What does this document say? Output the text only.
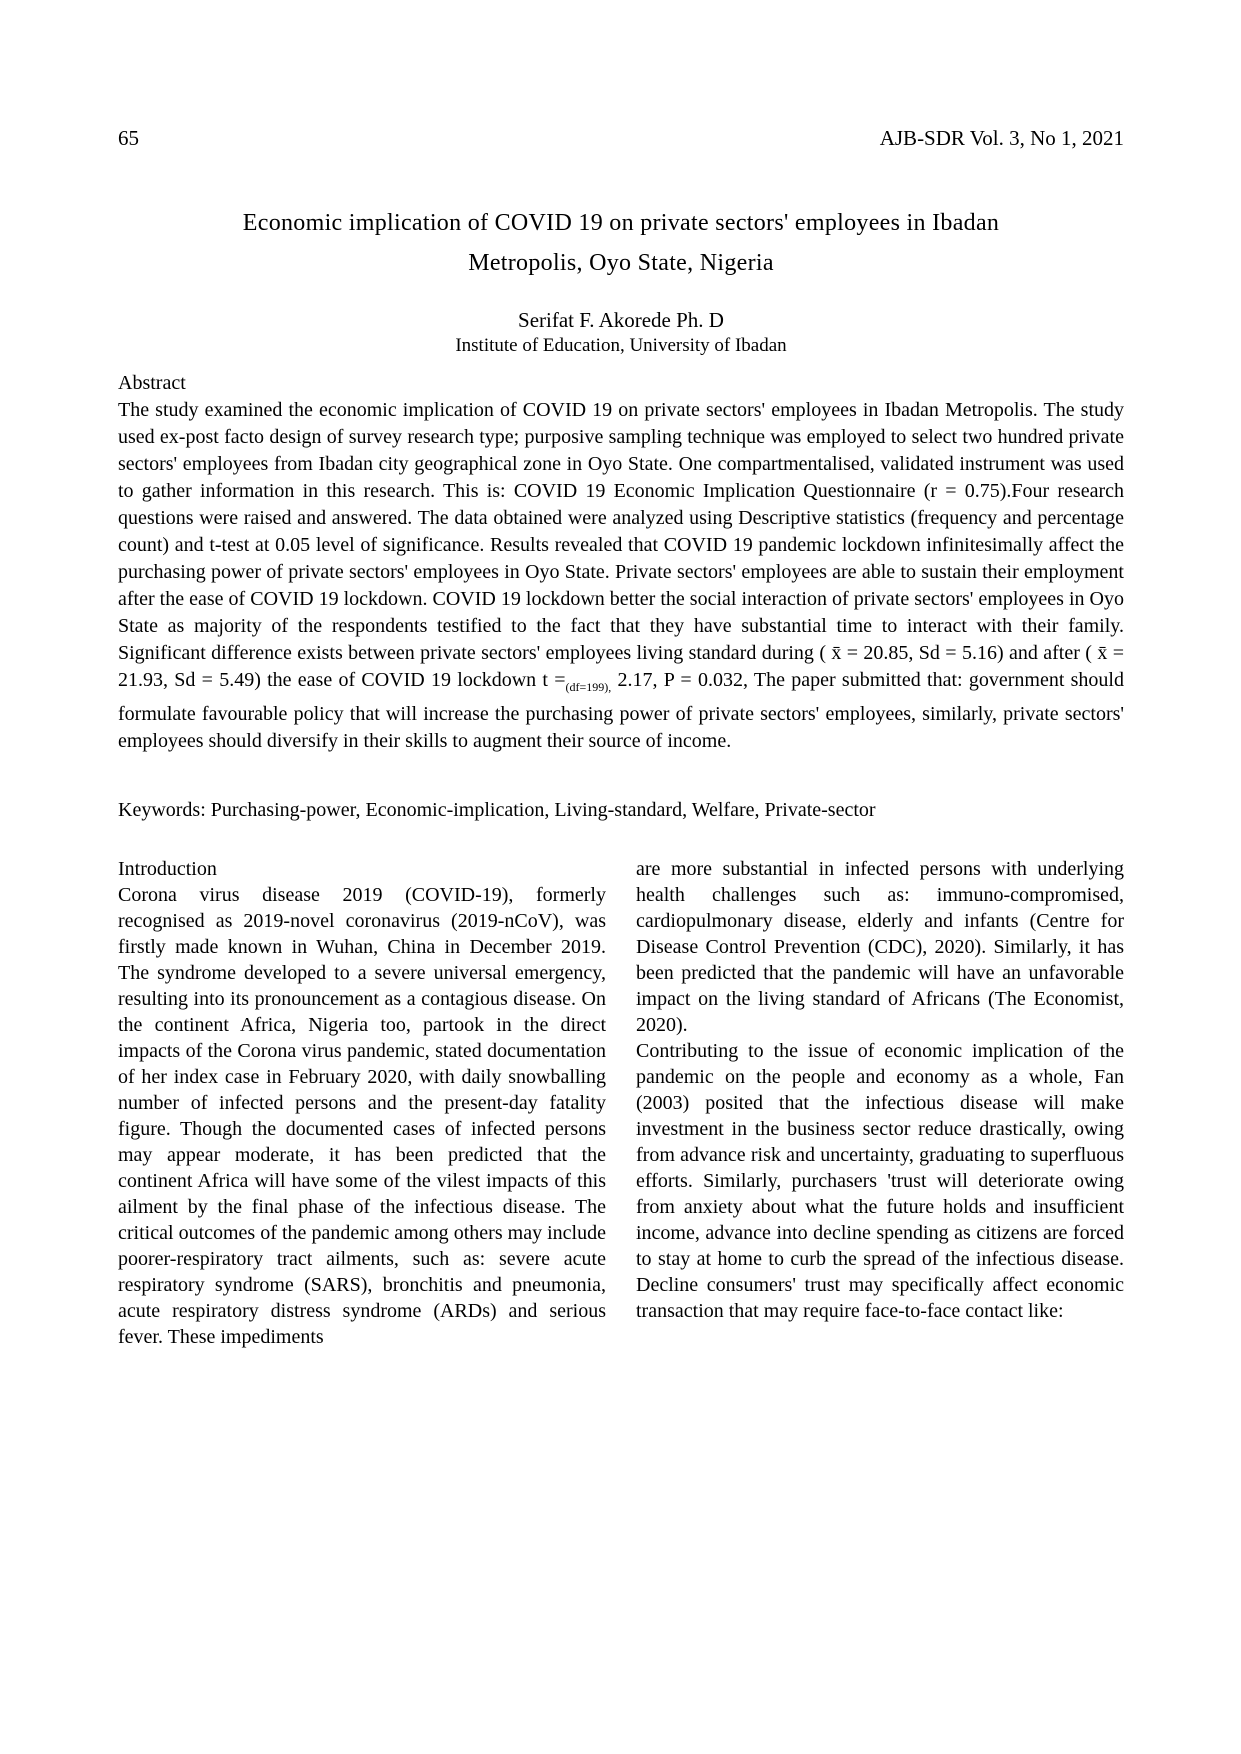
65	AJB-SDR Vol. 3, No 1, 2021
Economic implication of COVID 19 on private sectors' employees in Ibadan
Metropolis, Oyo State, Nigeria
Serifat F. Akorede Ph. D
Institute of Education, University of Ibadan
Abstract
The study examined the economic implication of COVID 19 on private sectors' employees in Ibadan Metropolis. The study used ex-post facto design of survey research type; purposive sampling technique was employed to select two hundred private sectors' employees from Ibadan city geographical zone in Oyo State. One compartmentalised, validated instrument was used to gather information in this research. This is: COVID 19 Economic Implication Questionnaire (r = 0.75).Four research questions were raised and answered. The data obtained were analyzed using Descriptive statistics (frequency and percentage count) and t-test at 0.05 level of significance. Results revealed that COVID 19 pandemic lockdown infinitesimally affect the purchasing power of private sectors' employees in Oyo State. Private sectors' employees are able to sustain their employment after the ease of COVID 19 lockdown. COVID 19 lockdown better the social interaction of private sectors' employees in Oyo State as majority of the respondents testified to the fact that they have substantial time to interact with their family. Significant difference exists between private sectors' employees living standard during ( x̄ = 20.85, Sd = 5.16) and after ( x̄ = 21.93, Sd = 5.49) the ease of COVID 19 lockdown $t =_{(df=199),}$ 2.17, P = 0.032, The paper submitted that: government should formulate favourable policy that will increase the purchasing power of private sectors' employees, similarly, private sectors' employees should diversify in their skills to augment their source of income.
Keywords: Purchasing-power, Economic-implication, Living-standard, Welfare, Private-sector
Introduction

Corona virus disease 2019 (COVID-19), formerly recognised as 2019-novel coronavirus (2019-nCoV), was firstly made known in Wuhan, China in December 2019. The syndrome developed to a severe universal emergency, resulting into its pronouncement as a contagious disease. On the continent Africa, Nigeria too, partook in the direct impacts of the Corona virus pandemic, stated documentation of her index case in February 2020, with daily snowballing number of infected persons and the present-day fatality figure. Though the documented cases of infected persons may appear moderate, it has been predicted that the continent Africa will have some of the vilest impacts of this ailment by the final phase of the infectious disease. The critical outcomes of the pandemic among others may include poorer-respiratory tract ailments, such as: severe acute respiratory syndrome (SARS), bronchitis and pneumonia, acute respiratory distress syndrome (ARDs) and serious fever. These impediments

are more substantial in infected persons with underlying health challenges such as: immuno-compromised, cardiopulmonary disease, elderly and infants (Centre for Disease Control Prevention (CDC), 2020). Similarly, it has been predicted that the pandemic will have an unfavorable impact on the living standard of Africans (The Economist, 2020).

Contributing to the issue of economic implication of the pandemic on the people and economy as a whole, Fan (2003) posited that the infectious disease will make investment in the business sector reduce drastically, owing from advance risk and uncertainty, graduating to superfluous efforts. Similarly, purchasers 'trust will deteriorate owing from anxiety about what the future holds and insufficient income, advance into decline spending as citizens are forced to stay at home to curb the spread of the infectious disease. Decline consumers' trust may specifically affect economic transaction that may require face-to-face contact like:
